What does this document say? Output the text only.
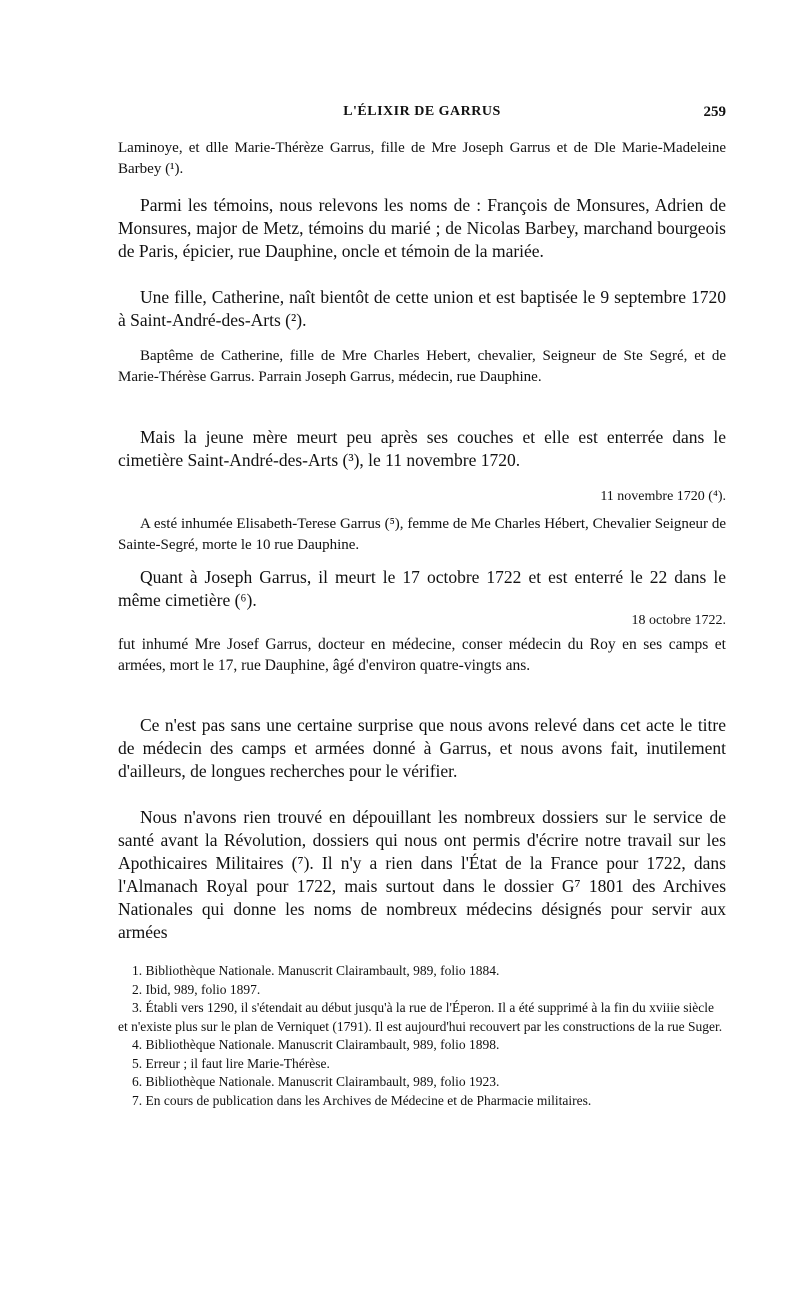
L'ÉLIXIR DE GARRUS	259

Laminoye, et dlle Marie-Thérèze Garrus, fille de Mre Joseph Garrus et de Dle Marie-Madeleine Barbey (¹).

Parmi les témoins, nous relevons les noms de : François de Monsures, Adrien de Monsures, major de Metz, témoins du marié ; de Nicolas Barbey, marchand bourgeois de Paris, épicier, rue Dauphine, oncle et témoin de la mariée.

Une fille, Catherine, naît bientôt de cette union et est baptisée le 9 septembre 1720 à Saint-André-des-Arts (²).

Baptême de Catherine, fille de Mre Charles Hebert, chevalier, Seigneur de Ste Segré, et de Marie-Thérèse Garrus. Parrain Joseph Garrus, médecin, rue Dauphine.

Mais la jeune mère meurt peu après ses couches et elle est enterrée dans le cimetière Saint-André-des-Arts (³), le 11 novembre 1720.

11 novembre 1720 (⁴).

A esté inhumée Elisabeth-Terese Garrus (⁵), femme de Me Charles Hébert, Chevalier Seigneur de Sainte-Segré, morte le 10 rue Dauphine.

Quant à Joseph Garrus, il meurt le 17 octobre 1722 et est enterré le 22 dans le même cimetière (⁶).

18 octobre 1722.

fut inhumé Mre Josef Garrus, docteur en médecine, conser médecin du Roy en ses camps et armées, mort le 17, rue Dauphine, âgé d'environ quatre-vingts ans.

Ce n'est pas sans une certaine surprise que nous avons relevé dans cet acte le titre de médecin des camps et armées donné à Garrus, et nous avons fait, inutilement d'ailleurs, de longues recherches pour le vérifier.

Nous n'avons rien trouvé en dépouillant les nombreux dossiers sur le service de santé avant la Révolution, dossiers qui nous ont permis d'écrire notre travail sur les Apothicaires Militaires (⁷). Il n'y a rien dans l'État de la France pour 1722, dans l'Almanach Royal pour 1722, mais surtout dans le dossier G⁷ 1801 des Archives Nationales qui donne les noms de nombreux médecins désignés pour servir aux armées

1. Bibliothèque Nationale. Manuscrit Clairambault, 989, folio 1884.
2. Ibid, 989, folio 1897.
3. Établi vers 1290, il s'étendait au début jusqu'à la rue de l'Éperon. Il a été supprimé à la fin du xviiie siècle et n'existe plus sur le plan de Verniquet (1791). Il est aujourd'hui recouvert par les constructions de la rue Suger.
4. Bibliothèque Nationale. Manuscrit Clairambault, 989, folio 1898.
5. Erreur ; il faut lire Marie-Thérèse.
6. Bibliothèque Nationale. Manuscrit Clairambault, 989, folio 1923.
7. En cours de publication dans les Archives de Médecine et de Pharmacie militaires.
